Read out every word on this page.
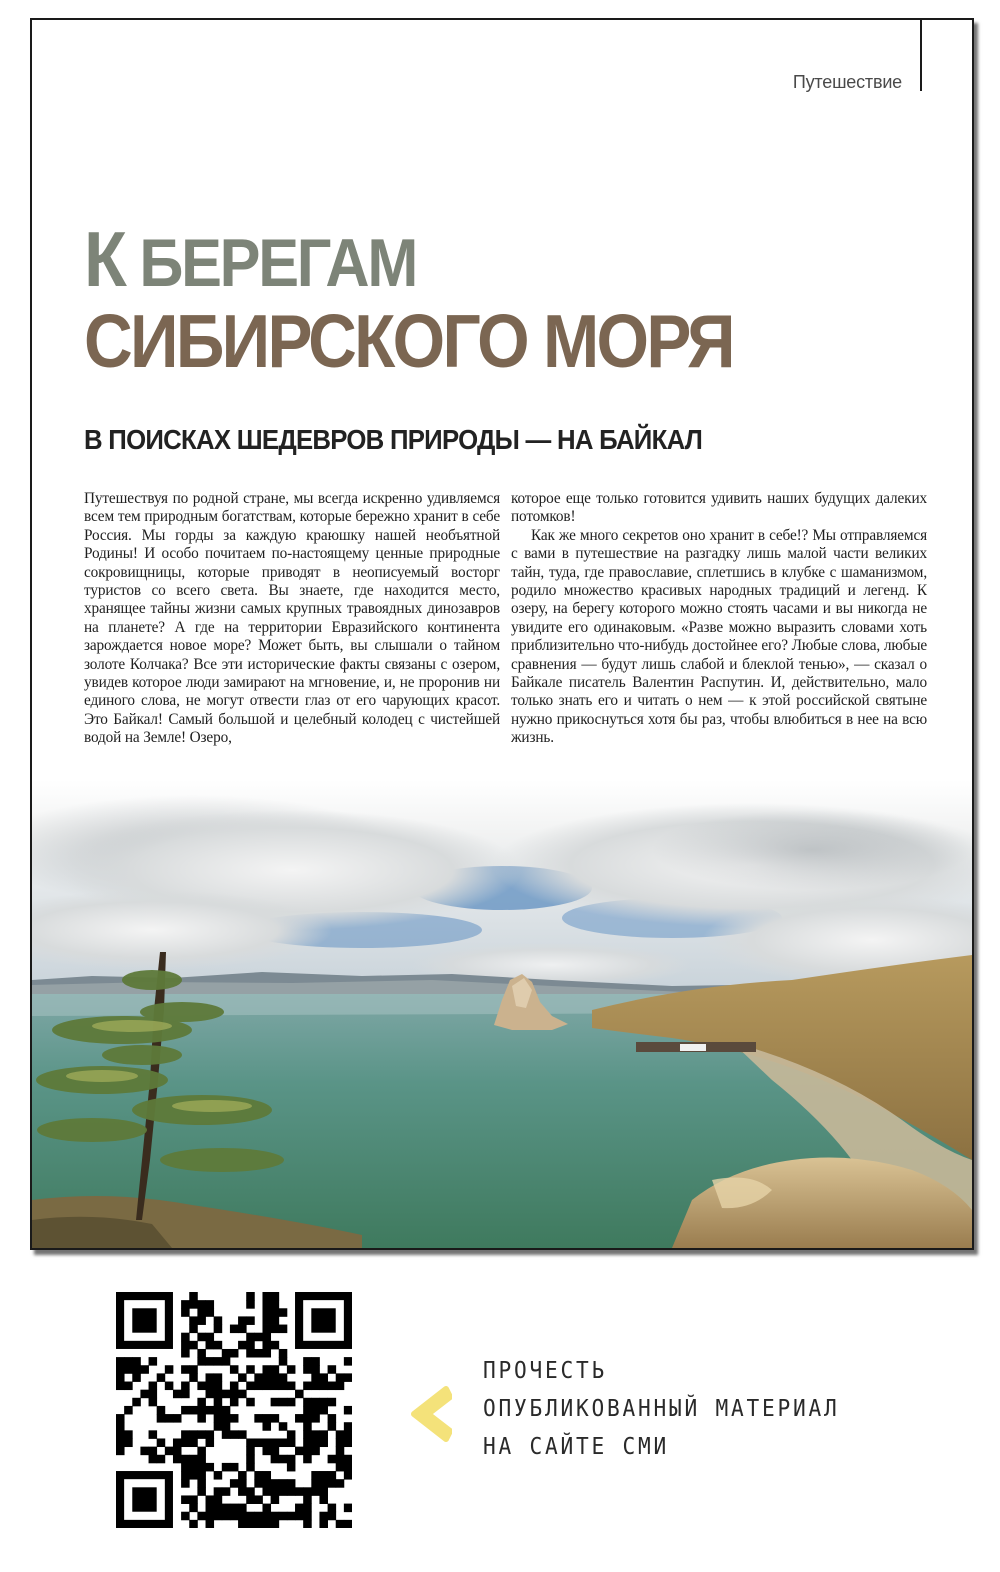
Путешествие
К БЕРЕГАМ
СИБИРСКОГО МОРЯ
В ПОИСКАХ ШЕДЕВРОВ ПРИРОДЫ — НА БАЙКАЛ

Путешествуя по родной стране, мы всегда искренно удивляемся всем тем природным богатствам, которые бережно хранит в себе Россия. Мы горды за каждую краюшку нашей необъятной Родины! И особо почитаем по-настоящему ценные природные сокровищницы, которые приводят в неописуемый восторг туристов со всего света. Вы знаете, где находится место, хранящее тайны жизни самых крупных травоядных динозавров на планете? А где на территории Евразийского континента зарождается новое море? Может быть, вы слышали о тайном золоте Колчака? Все эти исторические факты связаны с озером, увидев которое люди замирают на мгновение, и, не проронив ни единого слова, не могут отвести глаз от его чарующих красот. Это Байкал! Самый большой и целебный колодец с чистейшей водой на Земле! Озеро,

которое еще только готовится удивить наших будущих далеких потомков!

Как же много секретов оно хранит в себе!? Мы отправляемся с вами в путешествие на разгадку лишь малой части великих тайн, туда, где православие, сплетшись в клубке с шаманизмом, родило множество красивых народных традиций и легенд. К озеру, на берегу которого можно стоять часами и вы никогда не увидите его одинаковым. «Разве можно выразить словами хоть приблизительно что-нибудь достойнее его? Любые слова, любые сравнения — будут лишь слабой и блеклой тенью», — сказал о Байкале писатель Валентин Распутин. И, действительно, мало только знать его и читать о нем — к этой российской святыне нужно прикоснуться хотя бы раз, чтобы влюбиться в нее на всю жизнь.

ПРОЧЕСТЬ
ОПУБЛИКОВАННЫЙ МАТЕРИАЛ
НА САЙТЕ СМИ
